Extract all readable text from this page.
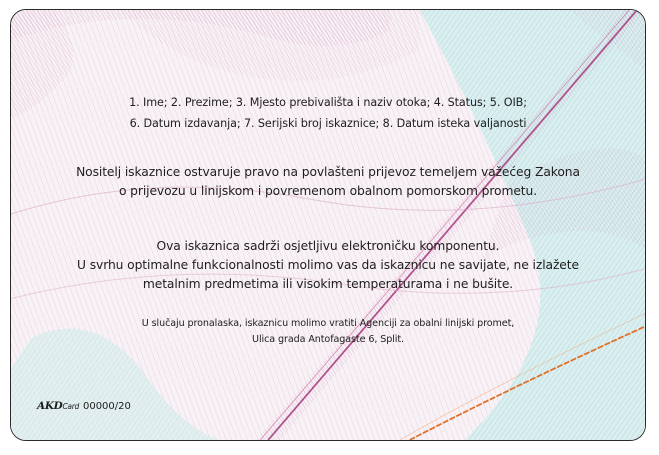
1. Ime; 2. Prezime; 3. Mjesto prebivališta i naziv otoka; 4. Status; 5. OIB;
6. Datum izdavanja; 7. Serijski broj iskaznice; 8. Datum isteka valjanosti
Nositelj iskaznice ostvaruje pravo na povlašteni prijevoz temeljem važećeg Zakona
o prijevozu u linijskom i povremenom obalnom pomorskom prometu.
Ova iskaznica sadrži osjetljivu elektroničku komponentu.
U svrhu optimalne funkcionalnosti molimo vas da iskaznicu ne savijate, ne izlažete
metalnim predmetima ili visokim temperaturama i ne bušite.
U slučaju pronalaska, iskaznicu molimo vratiti Agenciji za obalni linijski promet,
Ulica grada Antofagaste 6, Split.
AKDCard 00000/20
